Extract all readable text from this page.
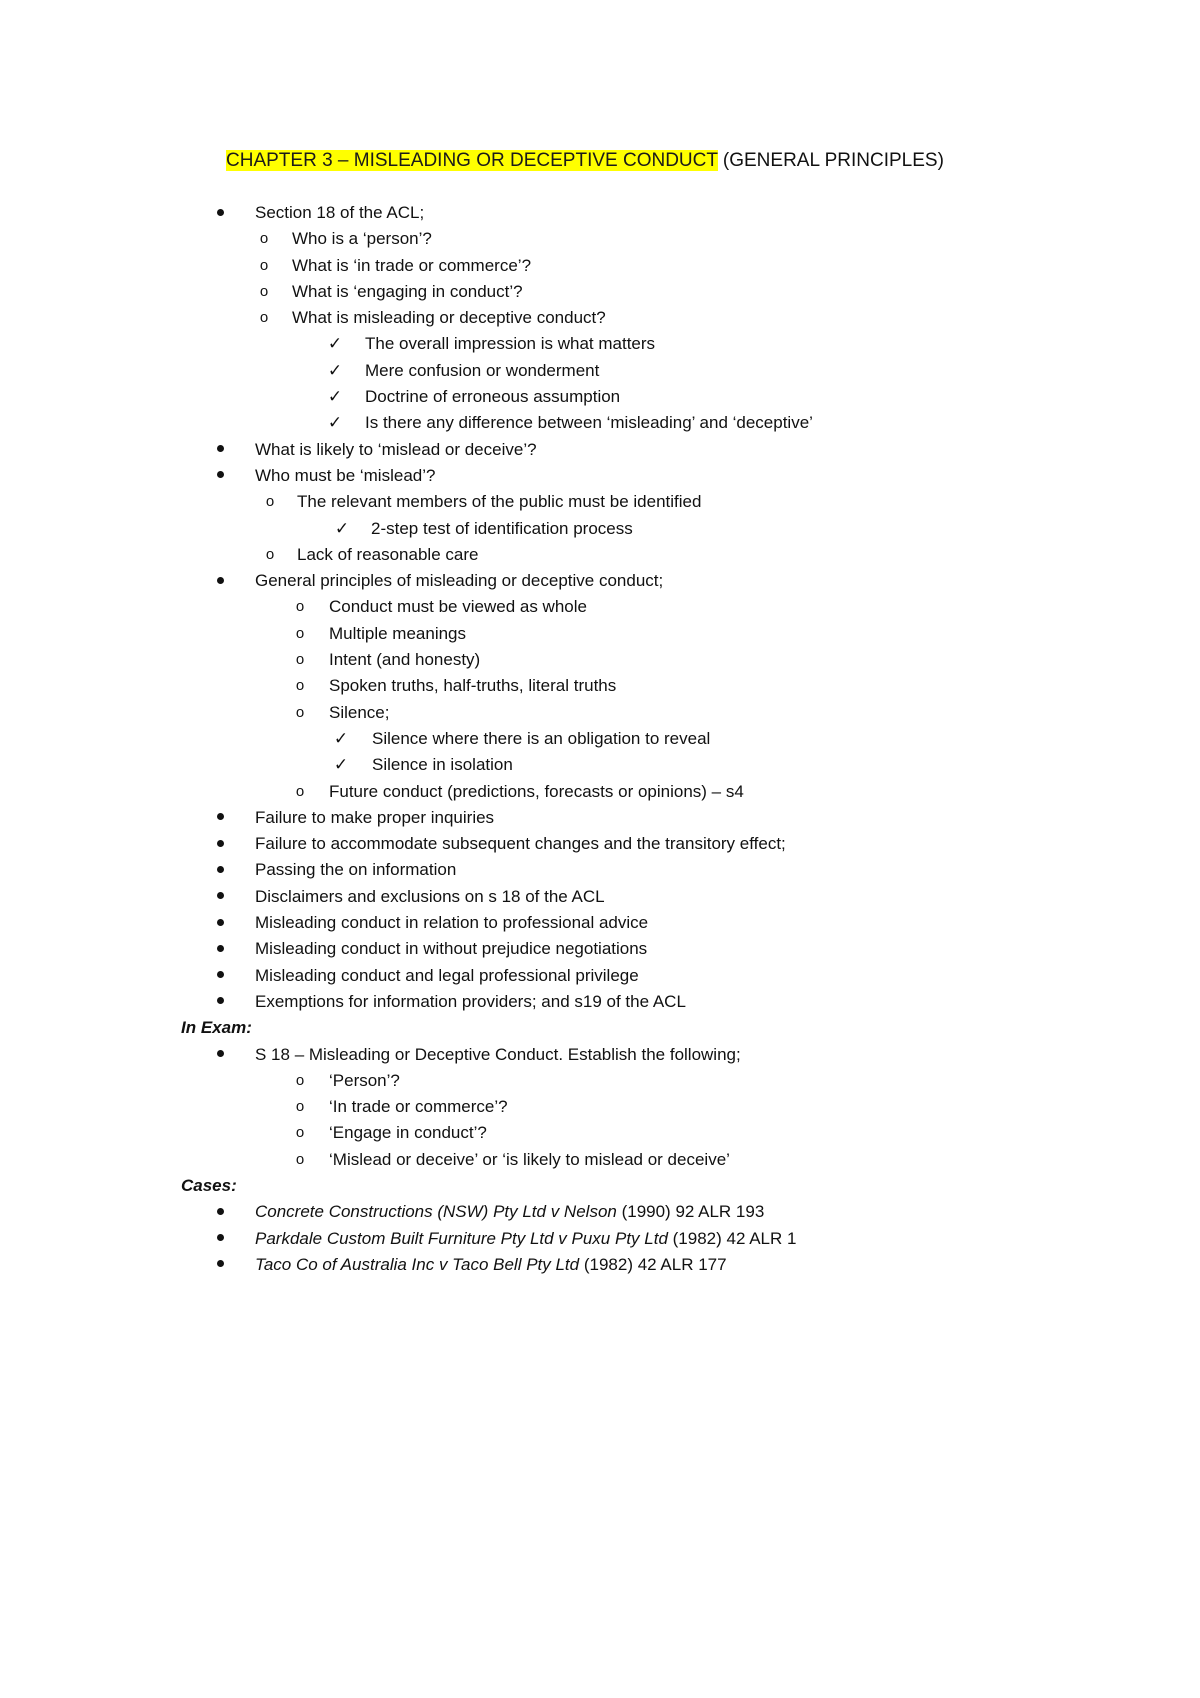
CHAPTER 3 – MISLEADING OR DECEPTIVE CONDUCT (GENERAL PRINCIPLES)
Section 18 of the ACL;
o Who is a ‘person’?
o What is ‘in trade or commerce’?
o What is ‘engaging in conduct’?
o What is misleading or deceptive conduct?
✓ The overall impression is what matters
✓ Mere confusion or wonderment
✓ Doctrine of erroneous assumption
✓ Is there any difference between ‘misleading’ and ‘deceptive’
What is likely to ‘mislead or deceive’?
Who must be ‘mislead’?
o The relevant members of the public must be identified
✓ 2-step test of identification process
o Lack of reasonable care
General principles of misleading or deceptive conduct;
o Conduct must be viewed as whole
o Multiple meanings
o Intent (and honesty)
o Spoken truths, half-truths, literal truths
o Silence;
✓ Silence where there is an obligation to reveal
✓ Silence in isolation
o Future conduct (predictions, forecasts or opinions) – s4
Failure to make proper inquiries
Failure to accommodate subsequent changes and the transitory effect;
Passing the on information
Disclaimers and exclusions on s 18 of the ACL
Misleading conduct in relation to professional advice
Misleading conduct in without prejudice negotiations
Misleading conduct and legal professional privilege
Exemptions for information providers; and s19 of the ACL
In Exam:
S 18 – Misleading or Deceptive Conduct. Establish the following;
o ‘Person’?
o ‘In trade or commerce’?
o ‘Engage in conduct’?
o ‘Mislead or deceive’ or ‘is likely to mislead or deceive’
Cases:
Concrete Constructions (NSW) Pty Ltd v Nelson (1990) 92 ALR 193
Parkdale Custom Built Furniture Pty Ltd v Puxu Pty Ltd (1982) 42 ALR 1
Taco Co of Australia Inc v Taco Bell Pty Ltd (1982) 42 ALR 177
